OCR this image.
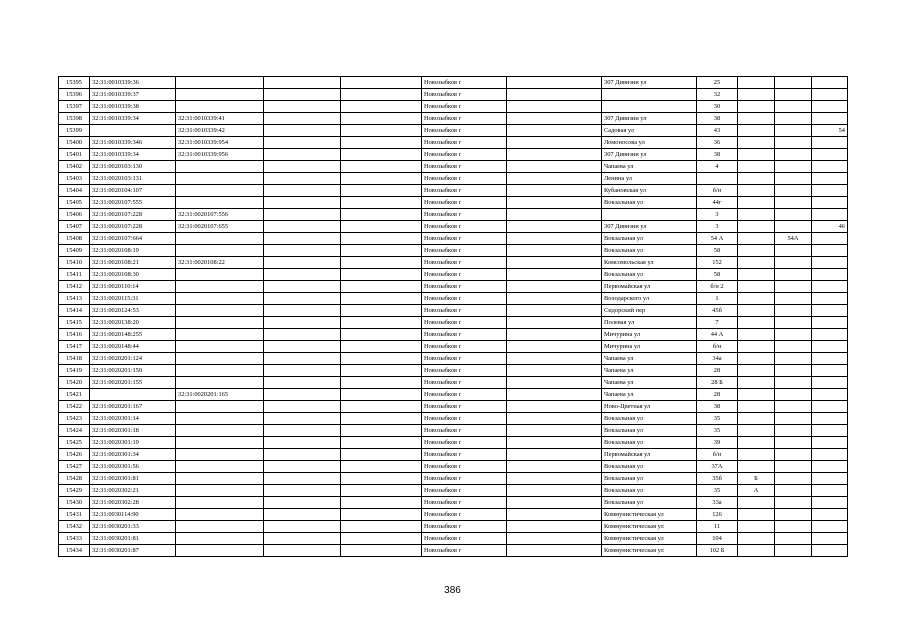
15395	32:31:0010339:36				Новозыбков г		307 Дивизии ул	25			
15396	32:31:0010339:37				Новозыбков г			32			
15397	32:31:0010339:38				Новозыбков г			30			
15398	32:31:0010339:34	32:31:0010339:41			Новозыбков г		307 Дивизии ул	38			
15399		32:31:0010339:42			Новозыбков г		Садовая ул	43			54
15400	32:31:0010339:346	32:31:0010339:954			Новозыбков г		Ломоносова ул	36			
15401	32:31:0010339:34	32:31:0010339:956			Новозыбков г		307 Дивизии ул	38			
15402	32:31:0020103:130				Новозыбков г		Чапаева ул	4			
15403	32:31:0020103:131				Новозыбков г		Ленина ул				
15404	32:31:0020104:107				Новозыбков г		Кубановская ул	б/н			
15405	32:31:0020107:555				Новозыбков г		Вокзальная ул	44г			
15406	32:31:0020107:228	32:31:0020107:556			Новозыбков г			3			
15407	32:31:0020107:228	32:31:0020107:655			Новозыбков г		307 Дивизии ул	3			46
15408	32:31:0020107:664				Новозыбков г		Вокзальная ул	54 А		54А	
15409	32:31:0020108:19				Новозыбков г		Вокзальная ул	58			
15410	32:31:0020108:21	32:31:0020108:22			Новозыбков г		Комсомольская ул	152			
15411	32:31:0020108:30				Новозыбков г		Вокзальная ул	58			
15412	32:31:0020110:14				Новозыбков г		Первомайская ул	б/н 2			
15413	32:31:0020115:31				Новозыбков г		Володарского ул	1			
15414	32:31:0020124:53				Новозыбков г		Сидорский пер	45б			
15415	32:31:0020138:20				Новозыбков г		Полевая ул	7			
15416	32:31:0020148:255				Новозыбков г		Мичурина ул	44 А			
15417	32:31:0020148:44				Новозыбков г		Мичурина ул	б/н			
15418	32:31:0020201:124				Новозыбков г		Чапаева ул	34а			
15419	32:31:0020201:150				Новозыбков г		Чапаева ул	28			
15420	32:31:0020201:155				Новозыбков г		Чапаева ул	28 Б			
15421		32:31:0020201:165			Новозыбков г		Чапаева ул	28			
15422	32:31:0020201:167				Новозыбков г		Ново-Цветная ул	38			
15423	32:31:0020301:14				Новозыбков г		Вокзальная ул	35			
15424	32:31:0020301:18				Новозыбков г		Вокзальная ул	35			
15425	32:31:0020301:19				Новозыбков г		Вокзальная ул	39			
15426	32:31:0020301:34				Новозыбков г		Первомайская ул	б/н			
15427	32:31:0020301:56				Новозыбков г		Вокзальная ул	37А			
15428	32:31:0020301:81				Новозыбков г		Вокзальная ул	35б	Б		
15429	32:31:0020302:21				Новозыбков г		Вокзальная ул	35	А		
15430	32:31:0020302:28				Новозыбков г		Вокзальная ул	33а			
15431	32:31:0030114:90				Новозыбков г		Коммунистическая ул	126			
15432	32:31:0030201:33				Новозыбков г		Коммунистическая ул	11			
15433	32:31:0030201:81				Новозыбков г		Коммунистическая ул	104			
15434	32:31:0030201:87				Новозыбков г		Коммунистическая ул	102 Б			
386
